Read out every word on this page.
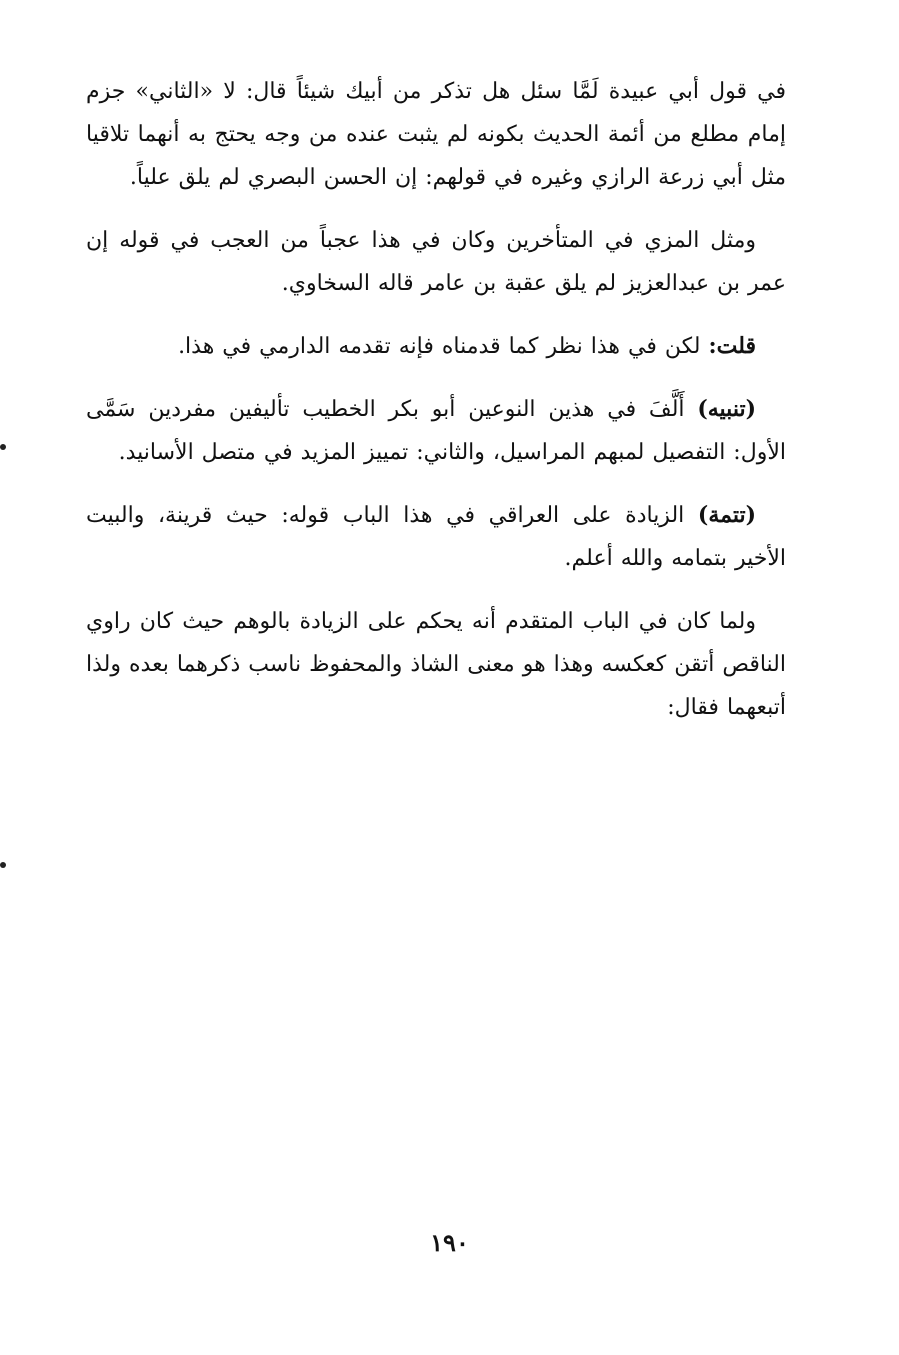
في قول أبي عبيدة لَمَّا سئل هل تذكر من أبيك شيئاً قال: لا «الثاني» جزم إمام مطلع من أئمة الحديث بكونه لم يثبت عنده من وجه يحتج به أنهما تلاقيا مثل أبي زرعة الرازي وغيره في قولهم: إن الحسن البصري لم يلق علياً.

ومثل المزي في المتأخرين وكان في هذا عجباً من العجب في قوله إن عمر بن عبدالعزيز لم يلق عقبة بن عامر قاله السخاوي.

قلت: لكن في هذا نظر كما قدمناه فإنه تقدمه الدارمي في هذا.

(تنبيه) أَلَّفَ في هذين النوعين أبو بكر الخطيب تأليفين مفردين سَمَّى الأول: التفصيل لمبهم المراسيل، والثاني: تمييز المزيد في متصل الأسانيد.

(تتمة) الزيادة على العراقي في هذا الباب قوله: حيث قرينة، والبيت الأخير بتمامه والله أعلم.

ولما كان في الباب المتقدم أنه يحكم على الزيادة بالوهم حيث كان راوي الناقص أتقن كعكسه وهذا هو معنى الشاذ والمحفوظ ناسب ذكرهما بعده ولذا أتبعهما فقال:

١٩٠
